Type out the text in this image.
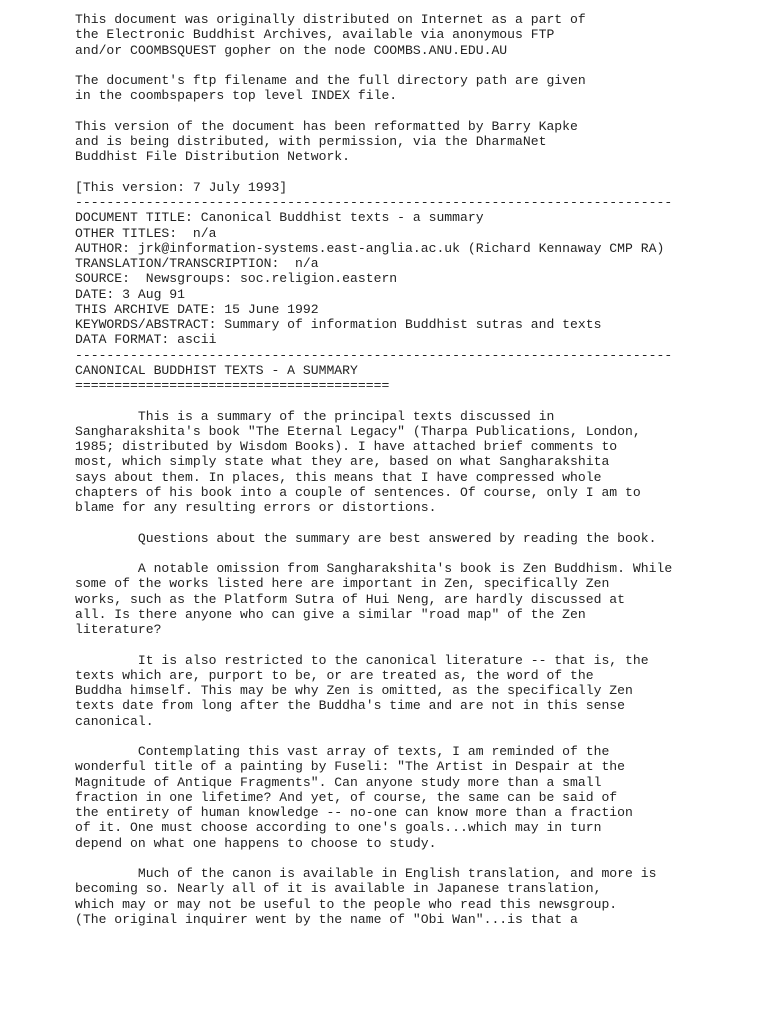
This document was originally distributed on Internet as a part of
the Electronic Buddhist Archives, available via anonymous FTP
and/or COOMBSQUEST gopher on the node COOMBS.ANU.EDU.AU
The document's ftp filename and the full directory path are given
in the coombspapers top level INDEX file.
This version of the document has been reformatted by Barry Kapke
and is being distributed, with permission, via the DharmaNet
Buddhist File Distribution Network.
[This version: 7 July 1993]
----------------------------------------------------------------------------
DOCUMENT TITLE: Canonical Buddhist texts - a summary
OTHER TITLES:  n/a
AUTHOR: jrk@information-systems.east-anglia.ac.uk (Richard Kennaway CMP RA)
TRANSLATION/TRANSCRIPTION:  n/a
SOURCE:  Newsgroups: soc.religion.eastern
DATE: 3 Aug 91
THIS ARCHIVE DATE: 15 June 1992
KEYWORDS/ABSTRACT: Summary of information Buddhist sutras and texts
DATA FORMAT: ascii
----------------------------------------------------------------------------
CANONICAL BUDDHIST TEXTS - A SUMMARY
========================================
This is a summary of the principal texts discussed in
Sangharakshita's book "The Eternal Legacy" (Tharpa Publications, London,
1985; distributed by Wisdom Books). I have attached brief comments to
most, which simply state what they are, based on what Sangharakshita
says about them. In places, this means that I have compressed whole
chapters of his book into a couple of sentences. Of course, only I am to
blame for any resulting errors or distortions.
Questions about the summary are best answered by reading the book.
A notable omission from Sangharakshita's book is Zen Buddhism. While
some of the works listed here are important in Zen, specifically Zen
works, such as the Platform Sutra of Hui Neng, are hardly discussed at
all. Is there anyone who can give a similar "road map" of the Zen
literature?
It is also restricted to the canonical literature -- that is, the
texts which are, purport to be, or are treated as, the word of the
Buddha himself. This may be why Zen is omitted, as the specifically Zen
texts date from long after the Buddha's time and are not in this sense
canonical.
Contemplating this vast array of texts, I am reminded of the
wonderful title of a painting by Fuseli: "The Artist in Despair at the
Magnitude of Antique Fragments". Can anyone study more than a small
fraction in one lifetime? And yet, of course, the same can be said of
the entirety of human knowledge -- no-one can know more than a fraction
of it. One must choose according to one's goals...which may in turn
depend on what one happens to choose to study.
Much of the canon is available in English translation, and more is
becoming so. Nearly all of it is available in Japanese translation,
which may or may not be useful to the people who read this newsgroup.
(The original inquirer went by the name of "Obi Wan"...is that a
